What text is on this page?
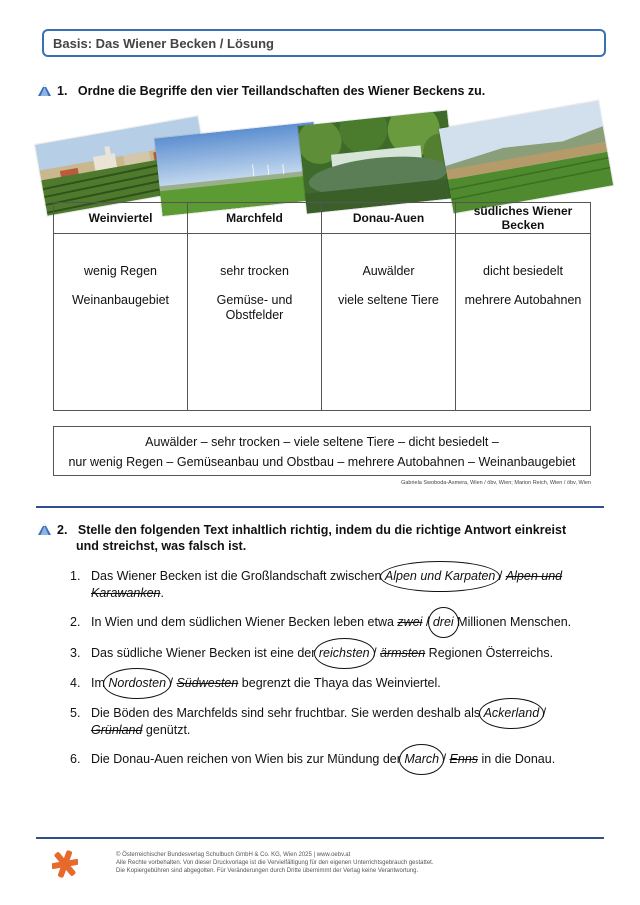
Basis: Das Wiener Becken / Lösung
1. Ordne die Begriffe den vier Teillandschaften des Wiener Beckens zu.
Weinviertel
wenig Regen
Weinanbaugebiet
Marchfeld
sehr trocken
Gemüse- und Obstfelder
Donau-Auen
Auwälder
viele seltene Tiere
südliches Wiener Becken
dicht besiedelt
mehrere Autobahnen
Auwälder – sehr trocken – viele seltene Tiere – dicht besiedelt –
nur wenig Regen – Gemüseanbau und Obstbau – mehrere Autobahnen – Weinanbaugebiet
Gabriela Swoboda-Asmera, Wien / öbv, Wien; Marion Reich, Wien / öbv, Wien
2. Stelle den folgenden Text inhaltlich richtig, indem du die richtige Antwort einkreist
und streichst, was falsch ist.
1. Das Wiener Becken ist die Großlandschaft zwischen Alpen und Karpaten / Alpen und Karawanken.
2. In Wien und dem südlichen Wiener Becken leben etwa zwei / drei Millionen Menschen.
3. Das südliche Wiener Becken ist eine der reichsten / ärmsten Regionen Österreichs.
4. Im Nordosten / Südwesten begrenzt die Thaya das Weinviertel.
5. Die Böden des Marchfelds sind sehr fruchtbar. Sie werden deshalb als Ackerland / Grünland genützt.
6. Die Donau-Auen reichen von Wien bis zur Mündung der March / Enns in die Donau.
© Österreichischer Bundesverlag Schulbuch GmbH & Co. KG, Wien 2025 | www.oebv.at
Alle Rechte vorbehalten. Von dieser Druckvorlage ist die Vervielfältigung für den eigenen Unterrichtsgebrauch gestattet.
Die Kopiergebühren sind abgegolten. Für Veränderungen durch Dritte übernimmt der Verlag keine Verantwortung.
